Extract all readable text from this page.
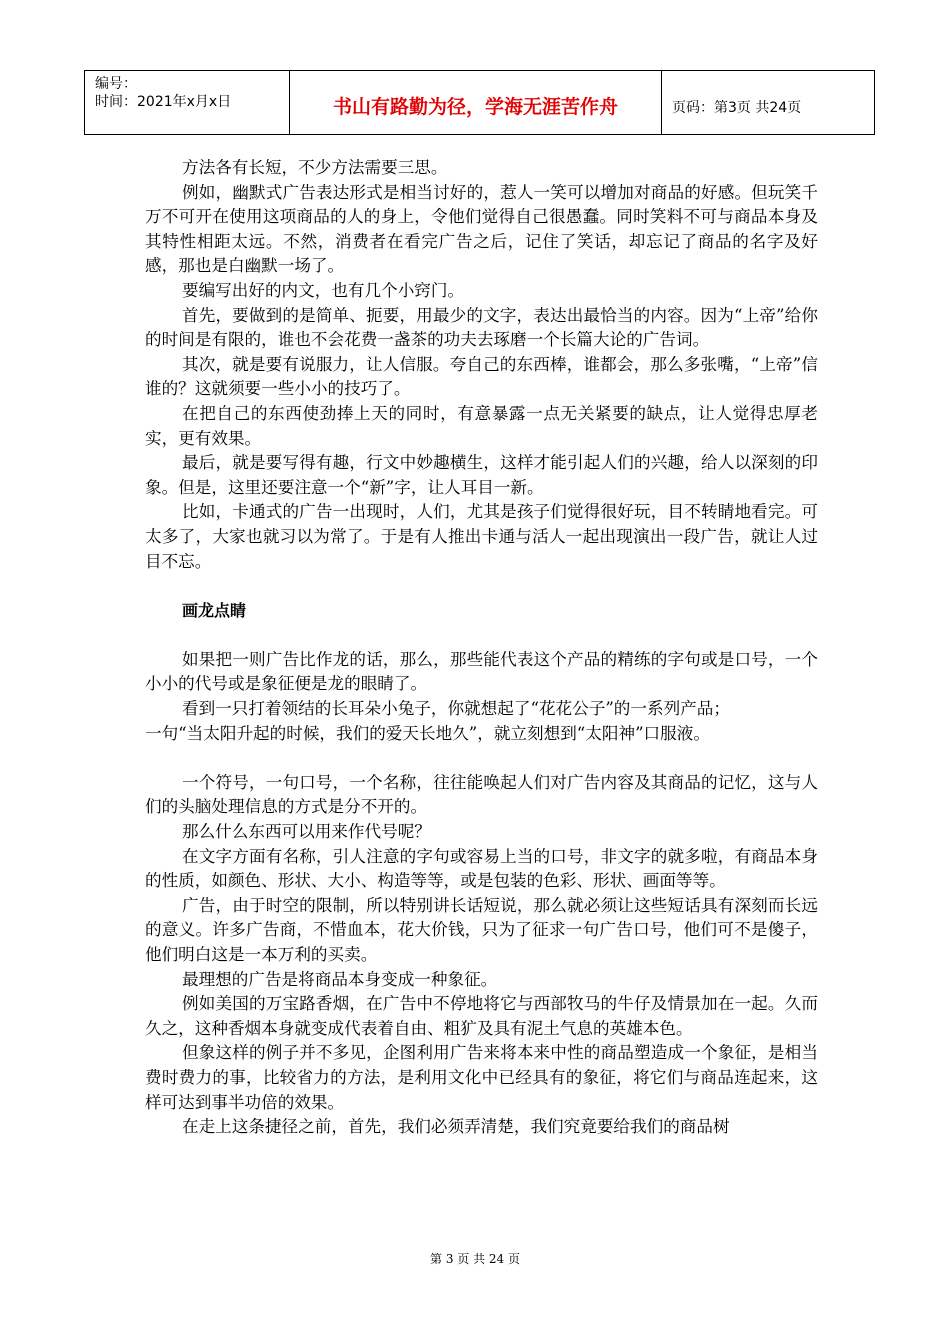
编号：
时间：2021年x月x日	书山有路勤为径，学海无涯苦作舟	页码：第3页 共24页

方法各有长短，不少方法需要三思。

例如，幽默式广告表达形式是相当讨好的，惹人一笑可以增加对商品的好感。但玩笑千万不可开在使用这项商品的人的身上，令他们觉得自己很愚蠢。同时笑料不可与商品本身及其特性相距太远。不然，消费者在看完广告之后，记住了笑话，却忘记了商品的名字及好感，那也是白幽默一场了。

要编写出好的内文，也有几个小窍门。

首先，要做到的是简单、扼要，用最少的文字，表达出最恰当的内容。因为“上帝”给你的时间是有限的，谁也不会花费一盏茶的功夫去琢磨一个长篇大论的广告词。

其次，就是要有说服力，让人信服。夸自己的东西棒，谁都会，那么多张嘴，“上帝”信谁的？这就须要一些小小的技巧了。

在把自己的东西使劲捧上天的同时，有意暴露一点无关紧要的缺点，让人觉得忠厚老实，更有效果。

最后，就是要写得有趣，行文中妙趣横生，这样才能引起人们的兴趣，给人以深刻的印象。但是，这里还要注意一个“新”字，让人耳目一新。

比如，卡通式的广告一出现时，人们，尤其是孩子们觉得很好玩，目不转睛地看完。可太多了，大家也就习以为常了。于是有人推出卡通与活人一起出现演出一段广告，就让人过目不忘。

画龙点睛

如果把一则广告比作龙的话，那么，那些能代表这个产品的精练的字句或是口号，一个小小的代号或是象征便是龙的眼睛了。

看到一只打着领结的长耳朵小兔子，你就想起了“花花公子”的一系列产品；

一句“当太阳升起的时候，我们的爱天长地久”，就立刻想到“太阳神”口服液。

一个符号，一句口号，一个名称，往往能唤起人们对广告内容及其商品的记忆，这与人们的头脑处理信息的方式是分不开的。

那么什么东西可以用来作代号呢？

在文字方面有名称，引人注意的字句或容易上当的口号，非文字的就多啦，有商品本身的性质，如颜色、形状、大小、构造等等，或是包装的色彩、形状、画面等等。

广告，由于时空的限制，所以特别讲长话短说，那么就必须让这些短话具有深刻而长远的意义。许多广告商，不惜血本，花大价钱，只为了征求一句广告口号，他们可不是傻子，他们明白这是一本万利的买卖。

最理想的广告是将商品本身变成一种象征。

例如美国的万宝路香烟，在广告中不停地将它与西部牧马的牛仔及情景加在一起。久而久之，这种香烟本身就变成代表着自由、粗犷及具有泥土气息的英雄本色。

但象这样的例子并不多见，企图利用广告来将本来中性的商品塑造成一个象征，是相当费时费力的事，比较省力的方法，是利用文化中已经具有的象征，将它们与商品连起来，这样可达到事半功倍的效果。

在走上这条捷径之前，首先，我们必须弄清楚，我们究竟要给我们的商品树

第 3 页 共 24 页
